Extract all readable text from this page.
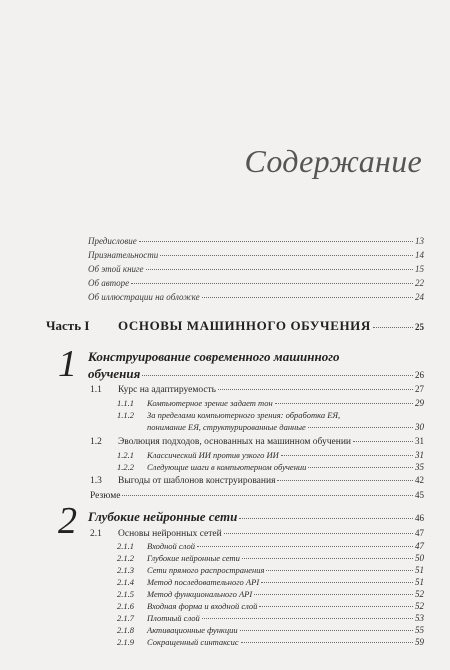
Содержание
Предисловие	13
Признательности	14
Об этой книге	15
Об авторе	22
Об иллюстрации на обложке	24
Часть I	ОСНОВЫ МАШИННОГО ОБУЧЕНИЯ	25
1 Конструирование современного машинного
обучения	26
1.1 Курс на адаптируемость	27
1.1.1 Компьютерное зрение задает тон	29
1.1.2 За пределами компьютерного зрения: обработка ЕЯ,
понимание ЕЯ, структурированные данные	30
1.2 Эволюция подходов, основанных на машинном обучении	31
1.2.1 Классический ИИ против узкого ИИ	31
1.2.2 Следующие шаги в компьютерном обучении	35
1.3 Выгоды от шаблонов конструирования	42
Резюме	45
2 Глубокие нейронные сети	46
2.1 Основы нейронных сетей	47
2.1.1 Входной слой	47
2.1.2 Глубокие нейронные сети	50
2.1.3 Сети прямого распространения	51
2.1.4 Метод последовательного API	51
2.1.5 Метод функционального API	52
2.1.6 Входная форма и входной слой	52
2.1.7 Плотный слой	53
2.1.8 Активационные функции	55
2.1.9 Сокращенный синтаксис	59
